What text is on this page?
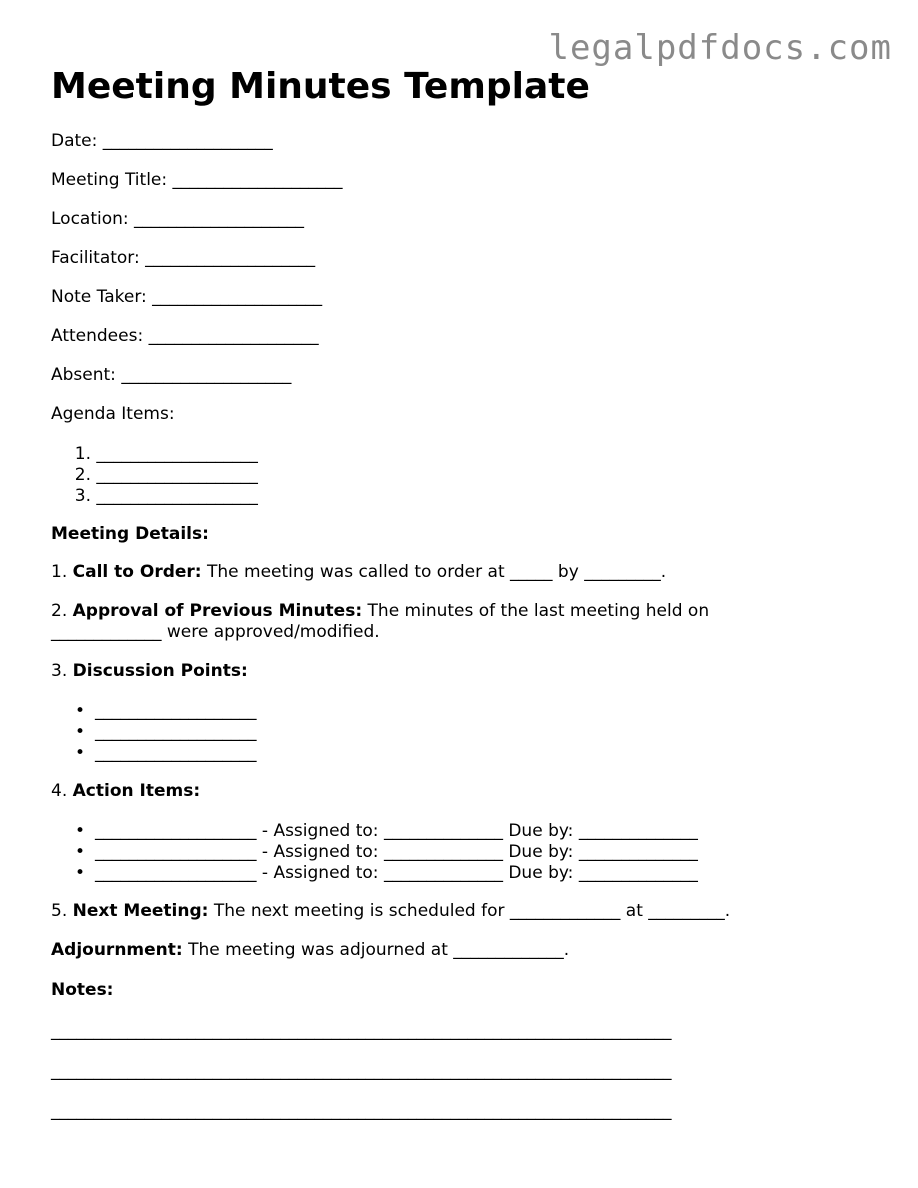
legalpdfdocs.com
Meeting Minutes Template

Date: ____________________

Meeting Title: ____________________

Location: ____________________

Facilitator: ____________________

Note Taker: ____________________

Attendees: ____________________

Absent: ____________________

Agenda Items:

1. ___________________
2. ___________________
3. ___________________

Meeting Details:

1. Call to Order: The meeting was called to order at _____ by _________.

2. Approval of Previous Minutes: The minutes of the last meeting held on

_____________ were approved/modified.

3. Discussion Points:

• ___________________
• ___________________
• ___________________

4. Action Items:

• ___________________ - Assigned to: ______________ Due by: ______________
• ___________________ - Assigned to: ______________ Due by: ______________
• ___________________ - Assigned to: ______________ Due by: ______________

5. Next Meeting: The next meeting is scheduled for _____________ at _________.

Adjournment: The meeting was adjourned at _____________.

Notes:

_________________________________________________________________________

_________________________________________________________________________

_________________________________________________________________________
